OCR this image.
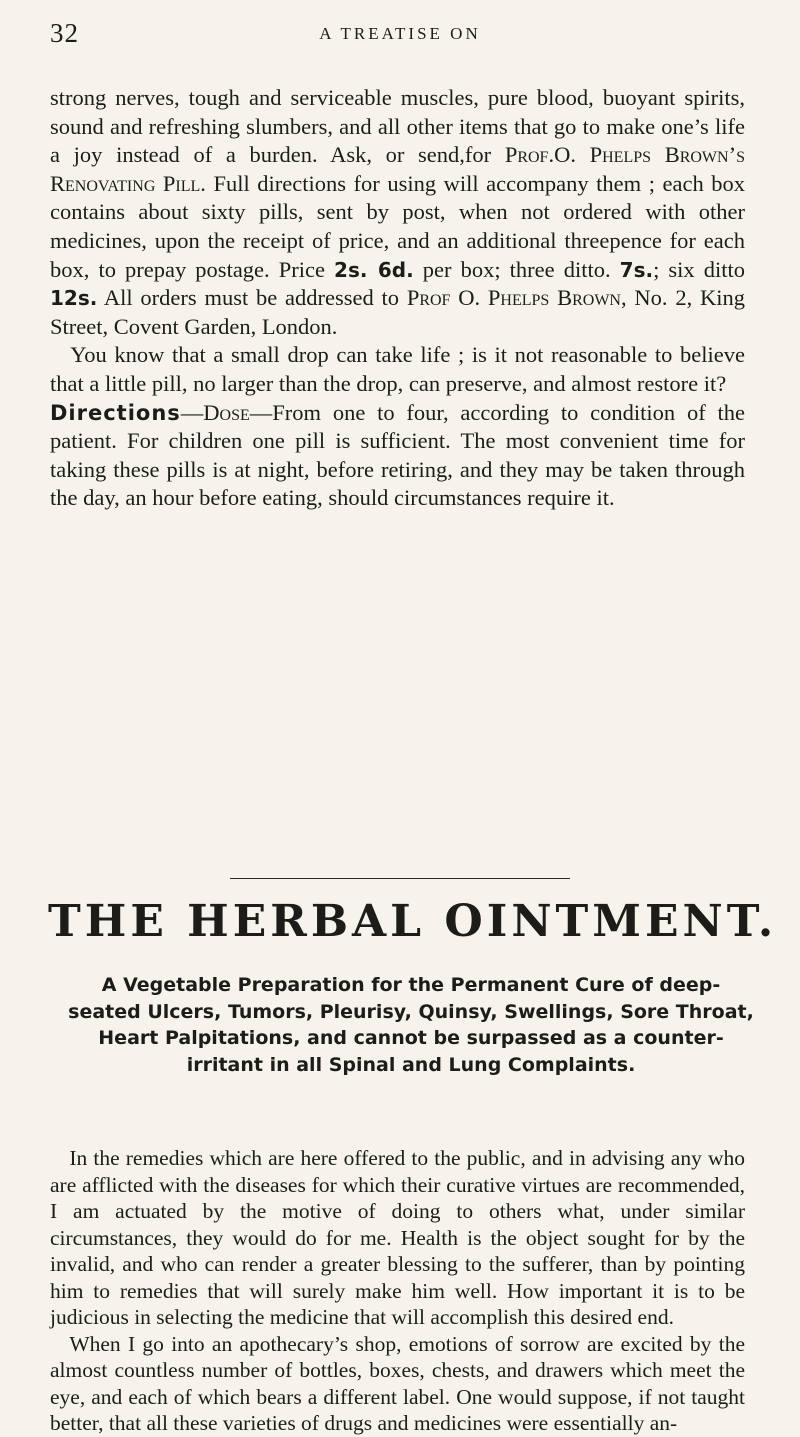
32	A TREATISE ON

strong nerves, tough and serviceable muscles, pure blood, buoyant spirits, sound and refreshing slumbers, and all other items that go to make one’s life a joy instead of a burden. Ask, or send,for Prof.O. Phelps Brown’s Renovating Pill. Full directions for using will accompany them ; each box contains about sixty pills, sent by post, when not ordered with other medicines, upon the receipt of price, and an additional threepence for each box, to prepay postage. Price 2s. 6d. per box; three ditto. 7s.; six ditto 12s. All orders must be addressed to Prof O. Phelps Brown, No. 2, King Street, Covent Garden, London.

You know that a small drop can take life ; is it not reasonable to believe that a little pill, no larger than the drop, can preserve, and almost restore it?

Directions—Dose—From one to four, according to condition of the patient. For children one pill is sufficient. The most convenient time for taking these pills is at night, before retiring, and they may be taken through the day, an hour before eating, should circumstances require it.

THE HERBAL OINTMENT.
A Vegetable Preparation for the Permanent Cure of deep-seated Ulcers, Tumors, Pleurisy, Quinsy, Swellings, Sore Throat, Heart Palpitations, and cannot be surpassed as a counter-irritant in all Spinal and Lung Complaints.

In the remedies which are here offered to the public, and in advising any who are afflicted with the diseases for which their curative virtues are recommended, I am actuated by the motive of doing to others what, under similar circumstances, they would do for me. Health is the object sought for by the invalid, and who can render a greater blessing to the sufferer, than by pointing him to remedies that will surely make him well. How important it is to be judicious in selecting the medicine that will accomplish this desired end.

When I go into an apothecary’s shop, emotions of sorrow are excited by the almost countless number of bottles, boxes, chests, and drawers which meet the eye, and each of which bears a different label. One would suppose, if not taught better, that all these varieties of drugs and medicines were essentially an-
